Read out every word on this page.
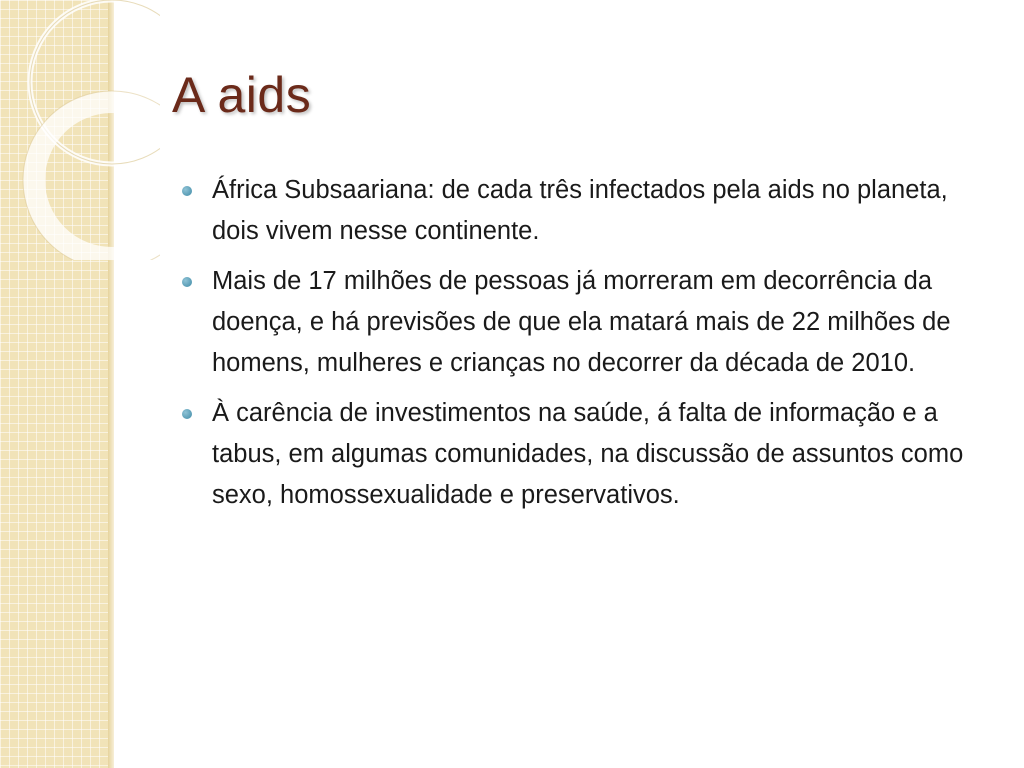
A aids
África Subsaariana: de cada três infectados pela aids no planeta, dois vivem nesse continente.
Mais de 17 milhões de pessoas já morreram em decorrência da doença, e há previsões de que ela matará mais de 22 milhões de homens, mulheres e crianças no decorrer da década de 2010.
À carência de investimentos na saúde, á falta de informação e a tabus, em algumas comunidades, na discussão de assuntos como sexo, homossexualidade e preservativos.
